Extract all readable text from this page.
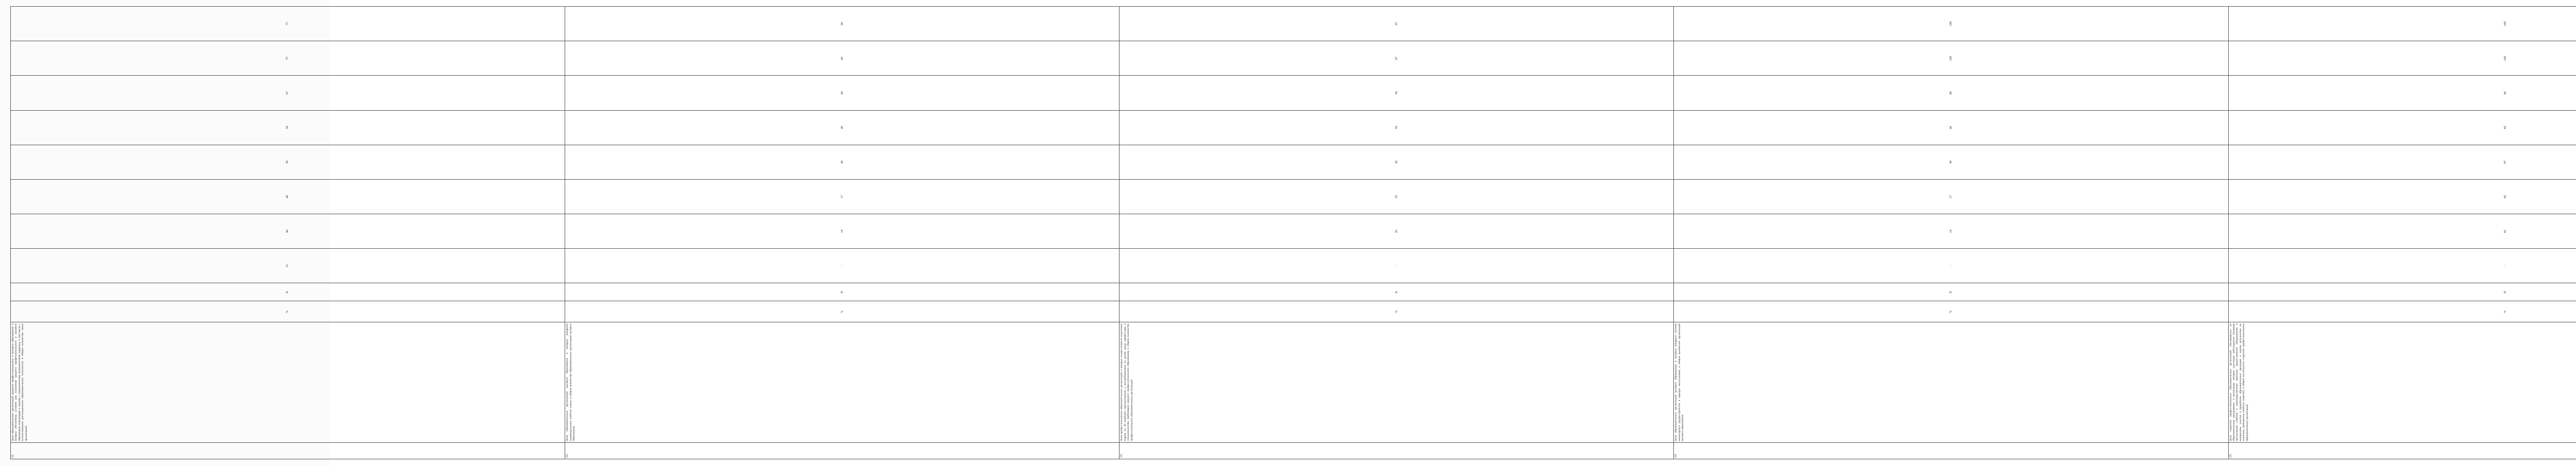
11.	Доля образовательных организаций среднего профессионального и высшего образования, в которых обеспечены условия для получения среднего профессионального и высшего образования инвалидами и лицами с ограниченными возможностями здоровья, в том числе с использованием дистанционных образовательных технологий, в общем количестве таких организаций	%	П	31	46	46	58	58	67	75	75	
12.	Доля образовательных организаций высшего образования, в которых внедрены индивидуальные учебные планы, в общем количестве образовательных организаций высшего образования	%	П	-	14	17	40	40	60	60	60	
13.	Доля профессиональных образовательных организаций, в которых осуществляется подготовка кадров по 50 наиболее перспективным и востребованным на рынке труда профессиям и специальностям, требующим среднего профессионального образования, в общем количестве профессиональных образовательных организаций	%	П	-	25	25	42	50	58	67	67	
14.	Доля образовательных организаций высшего образования, в которых внедрена система мониторинга трудоустройства и карьеры выпускников, в общем количестве организаций высшего образования	%	П	-	14	17	40	60	80	100	100	
15.	Доля студентов профессиональных образовательных организаций, обучающихся по образовательным программам, в реализации которых участвуют работодатели (включая организацию учебной и производственной практики, предоставление оборудования и материалов, участие в разработке образовательных программ и оценке результатов их освоения, проведении учебных занятий), в общей численности студентов профессиональных образовательных организаций	%	П	-	81	82	87	92	96	100	100	
